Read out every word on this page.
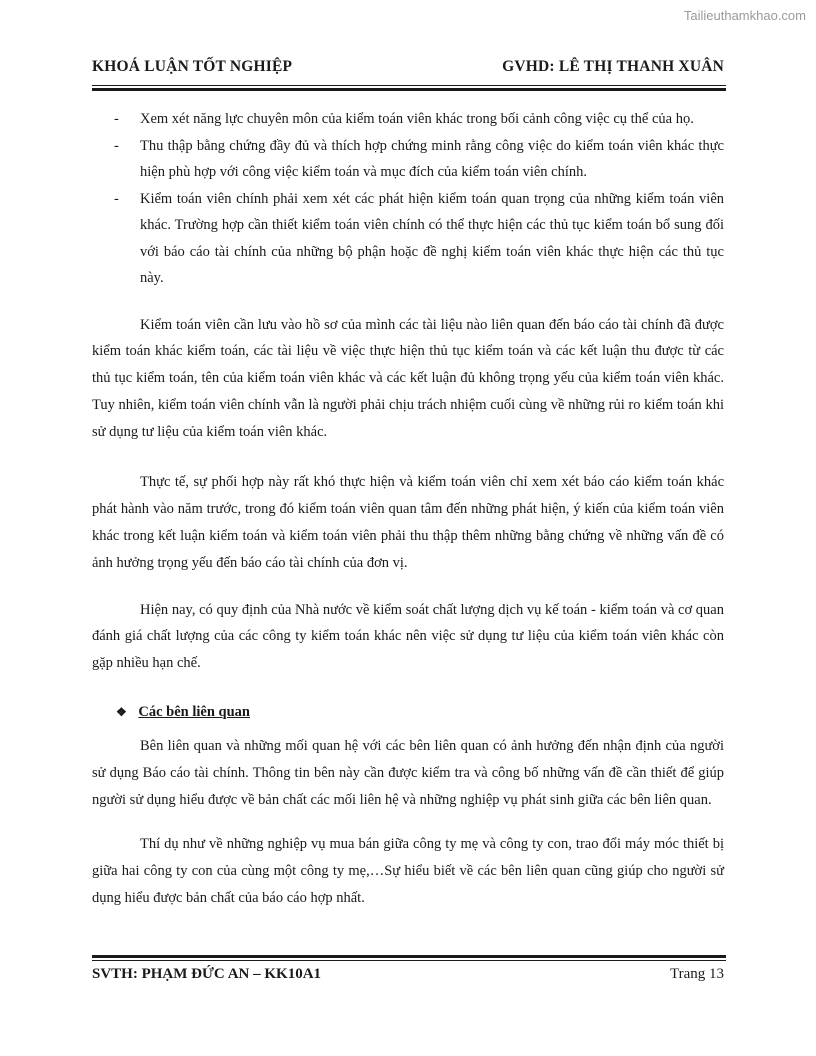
Tailieuthamkhao.com
KHOÁ LUẬN TỐT NGHIỆP	GVHD: LÊ THỊ THANH XUÂN
- Xem xét năng lực chuyên môn của kiểm toán viên khác trong bối cảnh công việc cụ thể của họ.
- Thu thập bằng chứng đầy đủ và thích hợp chứng minh rằng công việc do kiểm toán viên khác thực hiện phù hợp với công việc kiểm toán và mục đích của kiểm toán viên chính.
- Kiểm toán viên chính phải xem xét các phát hiện kiểm toán quan trọng của những kiểm toán viên khác. Trường hợp cần thiết kiểm toán viên chính có thể thực hiện các thủ tục kiểm toán bổ sung đối với báo cáo tài chính của những bộ phận hoặc đề nghị kiểm toán viên khác thực hiện các thủ tục này.

Kiểm toán viên cần lưu vào hồ sơ của mình các tài liệu nào liên quan đến báo cáo tài chính đã được kiểm toán khác kiểm toán, các tài liệu về việc thực hiện thủ tục kiểm toán và các kết luận thu được từ các thủ tục kiểm toán, tên của kiểm toán viên khác và các kết luận đủ không trọng yếu của kiểm toán viên khác. Tuy nhiên, kiểm toán viên chính vẫn là người phải chịu trách nhiệm cuối cùng về những rủi ro kiểm toán khi sử dụng tư liệu của kiểm toán viên khác.

Thực tế, sự phối hợp này rất khó thực hiện và kiểm toán viên chỉ xem xét báo cáo kiểm toán khác phát hành vào năm trước, trong đó kiểm toán viên quan tâm đến những phát hiện, ý kiến của kiểm toán viên khác trong kết luận kiểm toán và kiểm toán viên phải thu thập thêm những bằng chứng về những vấn đề có ảnh hưởng trọng yếu đến báo cáo tài chính của đơn vị.

Hiện nay, có quy định của Nhà nước về kiểm soát chất lượng dịch vụ kế toán - kiểm toán và cơ quan đánh giá chất lượng của các công ty kiểm toán khác nên việc sử dụng tư liệu của kiểm toán viên khác còn gặp nhiều hạn chế.

❖ Các bên liên quan

Bên liên quan và những mối quan hệ với các bên liên quan có ảnh hưởng đến nhận định của người sử dụng Báo cáo tài chính. Thông tin bên này cần được kiểm tra và công bố những vấn đề cần thiết để giúp người sử dụng hiểu được về bản chất các mối liên hệ và những nghiệp vụ phát sinh giữa các bên liên quan.

Thí dụ như về những nghiệp vụ mua bán giữa công ty mẹ và công ty con, trao đổi máy móc thiết bị giữa hai công ty con của cùng một công ty mẹ,…Sự hiểu biết về các bên liên quan cũng giúp cho người sử dụng hiểu được bản chất của báo cáo hợp nhất.

SVTH: PHẠM ĐỨC AN – KK10A1	Trang 13
